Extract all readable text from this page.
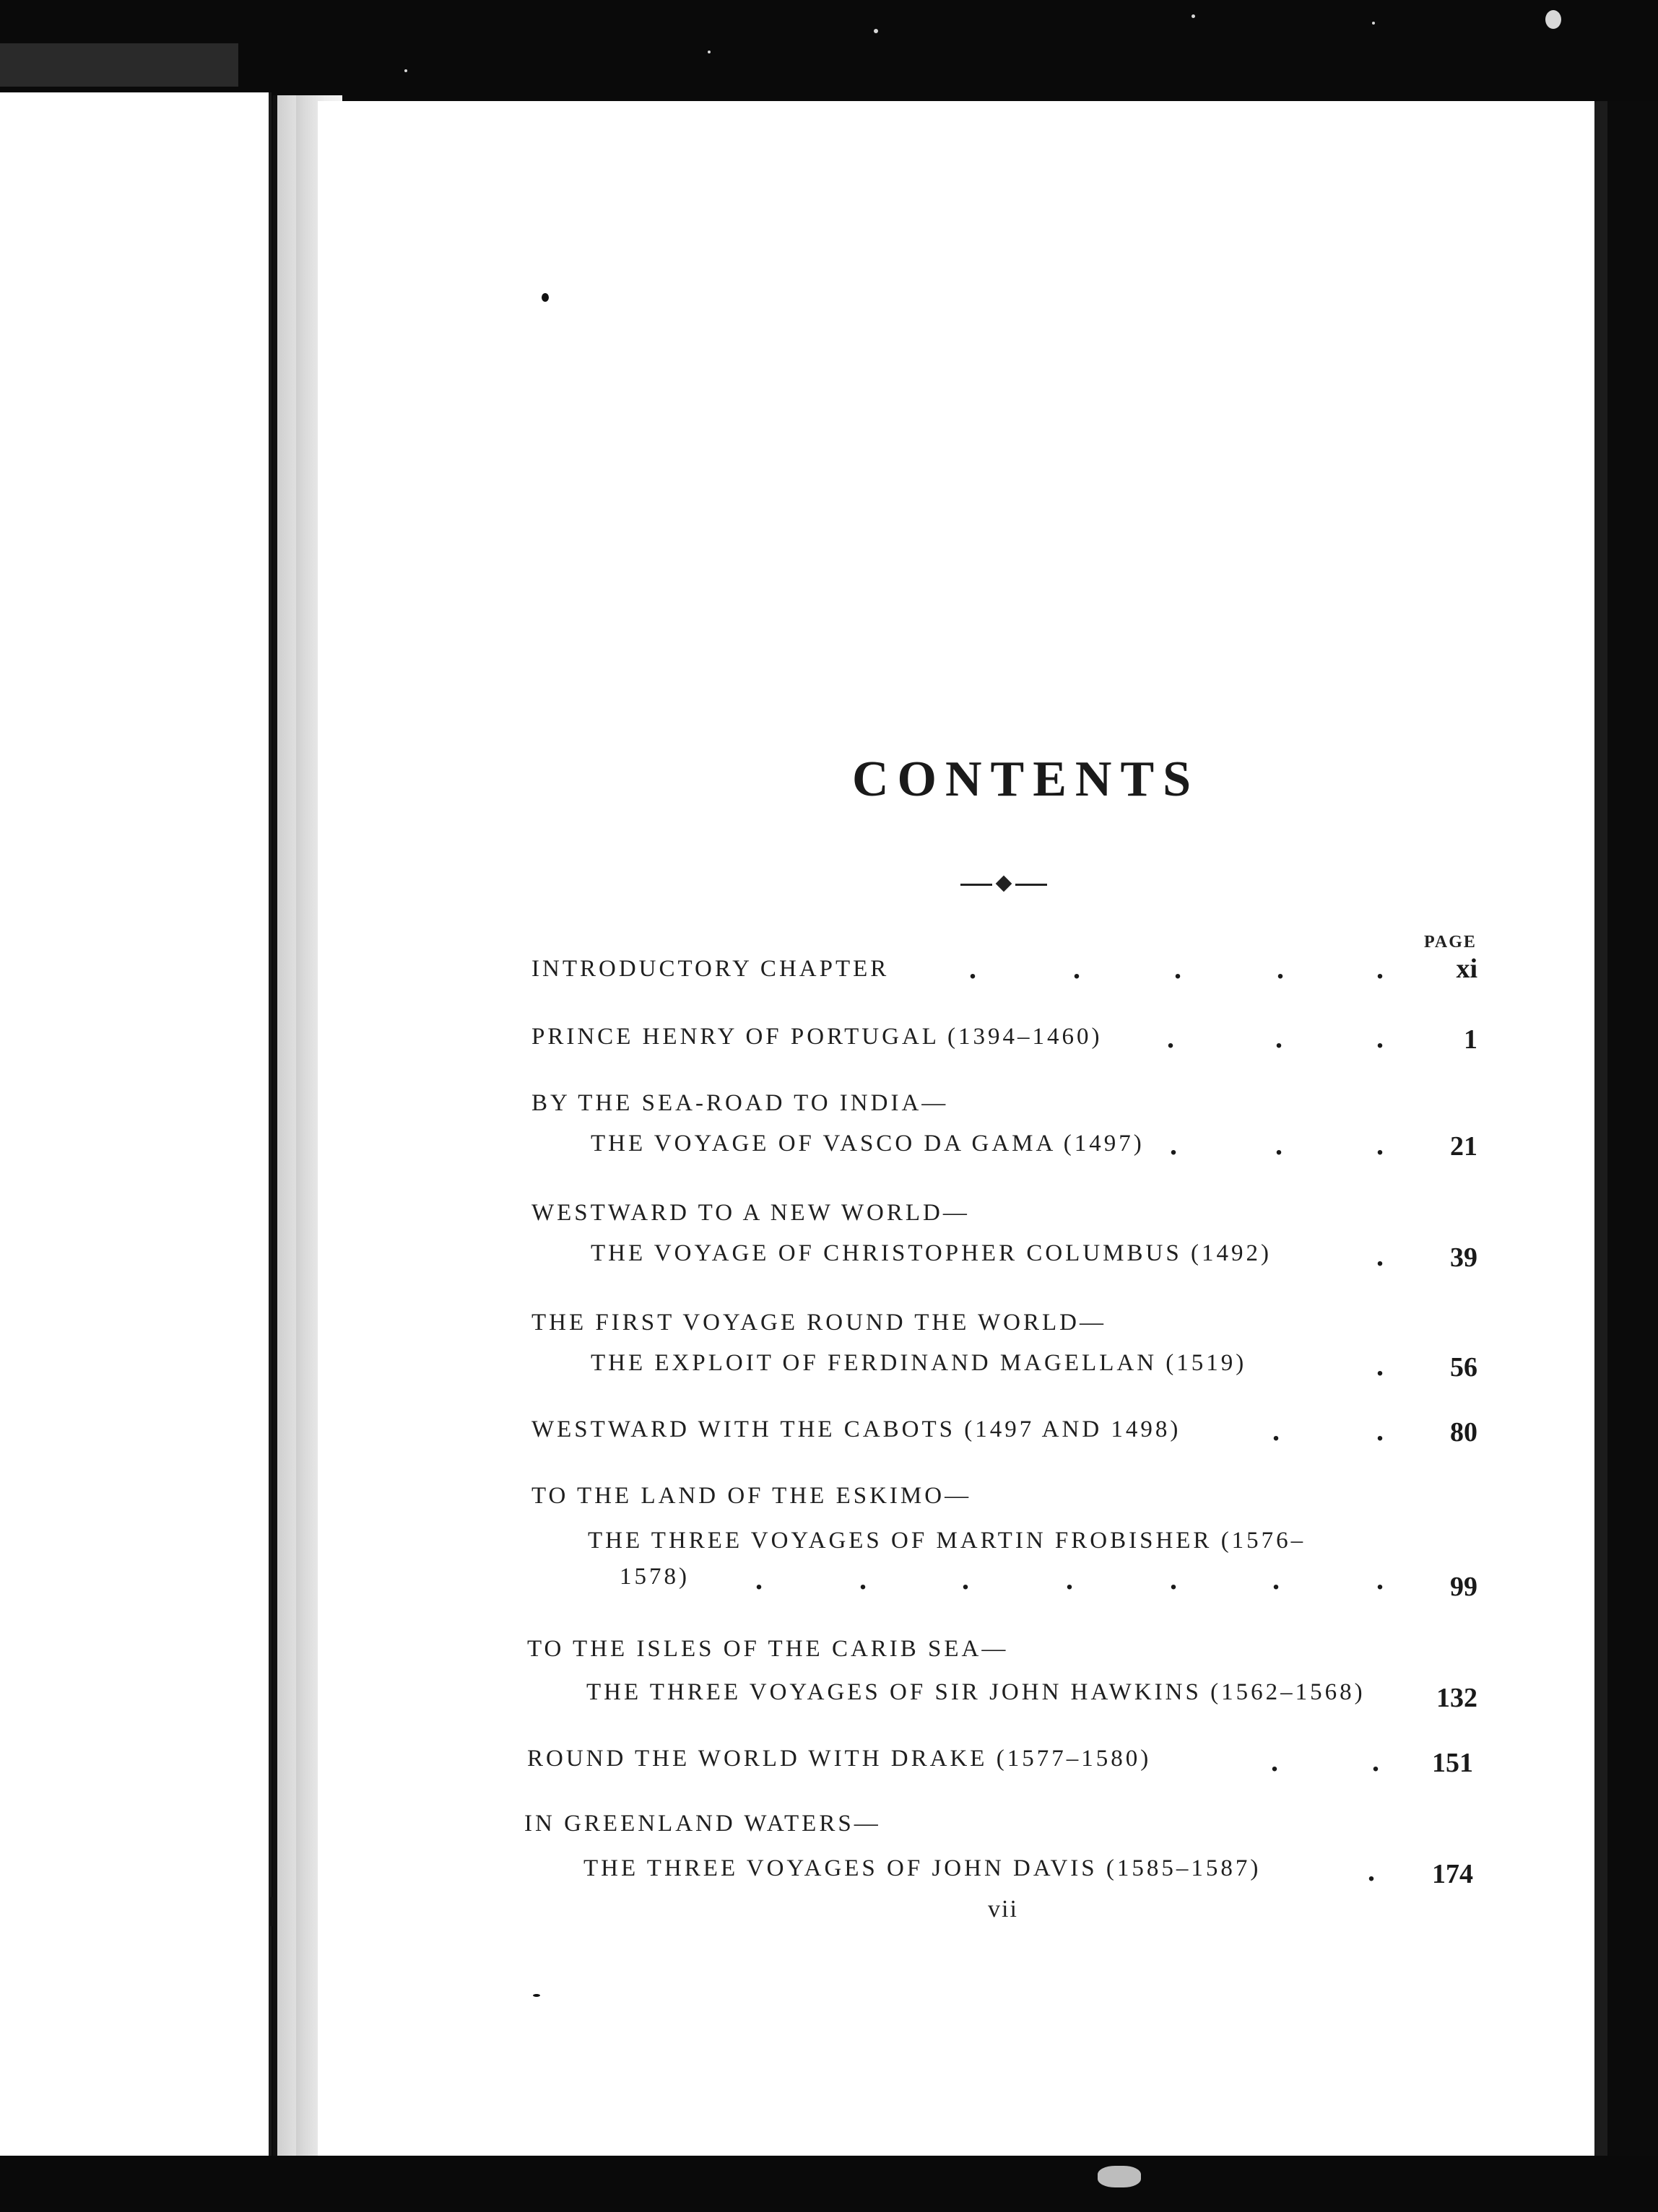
CONTENTS
PAGE
INTRODUCTORY CHAPTER	.	.	.	.	.	xi
PRINCE HENRY OF PORTUGAL (1394–1460) .	.	.	1
BY THE SEA-ROAD TO INDIA—
THE VOYAGE OF VASCO DA GAMA (1497) .	.	.	21
WESTWARD TO A NEW WORLD—
THE VOYAGE OF CHRISTOPHER COLUMBUS (1492)	.	39
THE FIRST VOYAGE ROUND THE WORLD—
THE EXPLOIT OF FERDINAND MAGELLAN (1519)	.	56
WESTWARD WITH THE CABOTS (1497 AND 1498)	.	.	80
TO THE LAND OF THE ESKIMO—
THE THREE VOYAGES OF MARTIN FROBISHER (1576–
1578) .	.	.	.	.	.	.	99
TO THE ISLES OF THE CARIB SEA—
THE THREE VOYAGES OF SIR JOHN HAWKINS (1562–1568)	132
ROUND THE WORLD WITH DRAKE (1577–1580)	.	.	151
IN GREENLAND WATERS—
THE THREE VOYAGES OF JOHN DAVIS (1585–1587)	.	174
vii
